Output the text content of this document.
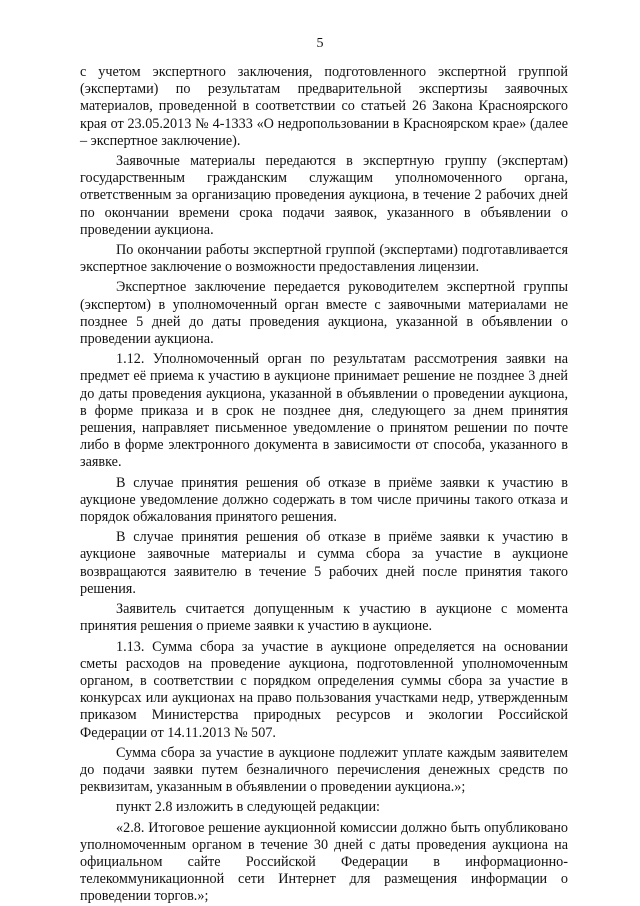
5

с учетом экспертного заключения, подготовленного экспертной группой (экспертами) по результатам предварительной экспертизы заявочных материалов, проведенной в соответствии со статьей 26 Закона Красноярского края от 23.05.2013 № 4-1333 «О недропользовании в Красноярском крае» (далее – экспертное заключение).

Заявочные материалы передаются в экспертную группу (экспертам) государственным гражданским служащим уполномоченного органа, ответственным за организацию проведения аукциона, в течение 2 рабочих дней по окончании времени срока подачи заявок, указанного в объявлении о проведении аукциона.

По окончании работы экспертной группой (экспертами) подготавливается экспертное заключение о возможности предоставления лицензии.

Экспертное заключение передается руководителем экспертной группы (экспертом) в уполномоченный орган вместе с заявочными материалами не позднее 5 дней до даты проведения аукциона, указанной в объявлении о проведении аукциона.

1.12. Уполномоченный орган по результатам рассмотрения заявки на предмет её приема к участию в аукционе принимает решение не позднее 3 дней до даты проведения аукциона, указанной в объявлении о проведении аукциона, в форме приказа и в срок не позднее дня, следующего за днем принятия решения, направляет письменное уведомление о принятом решении по почте либо в форме электронного документа в зависимости от способа, указанного в заявке.

В случае принятия решения об отказе в приёме заявки к участию в аукционе уведомление должно содержать в том числе причины такого отказа и порядок обжалования принятого решения.

В случае принятия решения об отказе в приёме заявки к участию в аукционе заявочные материалы и сумма сбора за участие в аукционе возвращаются заявителю в течение 5 рабочих дней после принятия такого решения.

Заявитель считается допущенным к участию в аукционе с момента принятия решения о приеме заявки к участию в аукционе.

1.13. Сумма сбора за участие в аукционе определяется на основании сметы расходов на проведение аукциона, подготовленной уполномоченным органом, в соответствии с порядком определения суммы сбора за участие в конкурсах или аукционах на право пользования участками недр, утвержденным приказом Министерства природных ресурсов и экологии Российской Федерации от 14.11.2013 № 507.

Сумма сбора за участие в аукционе подлежит уплате каждым заявителем до подачи заявки путем безналичного перечисления денежных средств по реквизитам, указанным в объявлении о проведении аукциона.»;

пункт 2.8 изложить в следующей редакции:

«2.8. Итоговое решение аукционной комиссии должно быть опубликовано уполномоченным органом в течение 30 дней с даты проведения аукциона на официальном сайте Российской Федерации в информационно-телекоммуникационной сети Интернет для размещения информации о проведении торгов.»;
